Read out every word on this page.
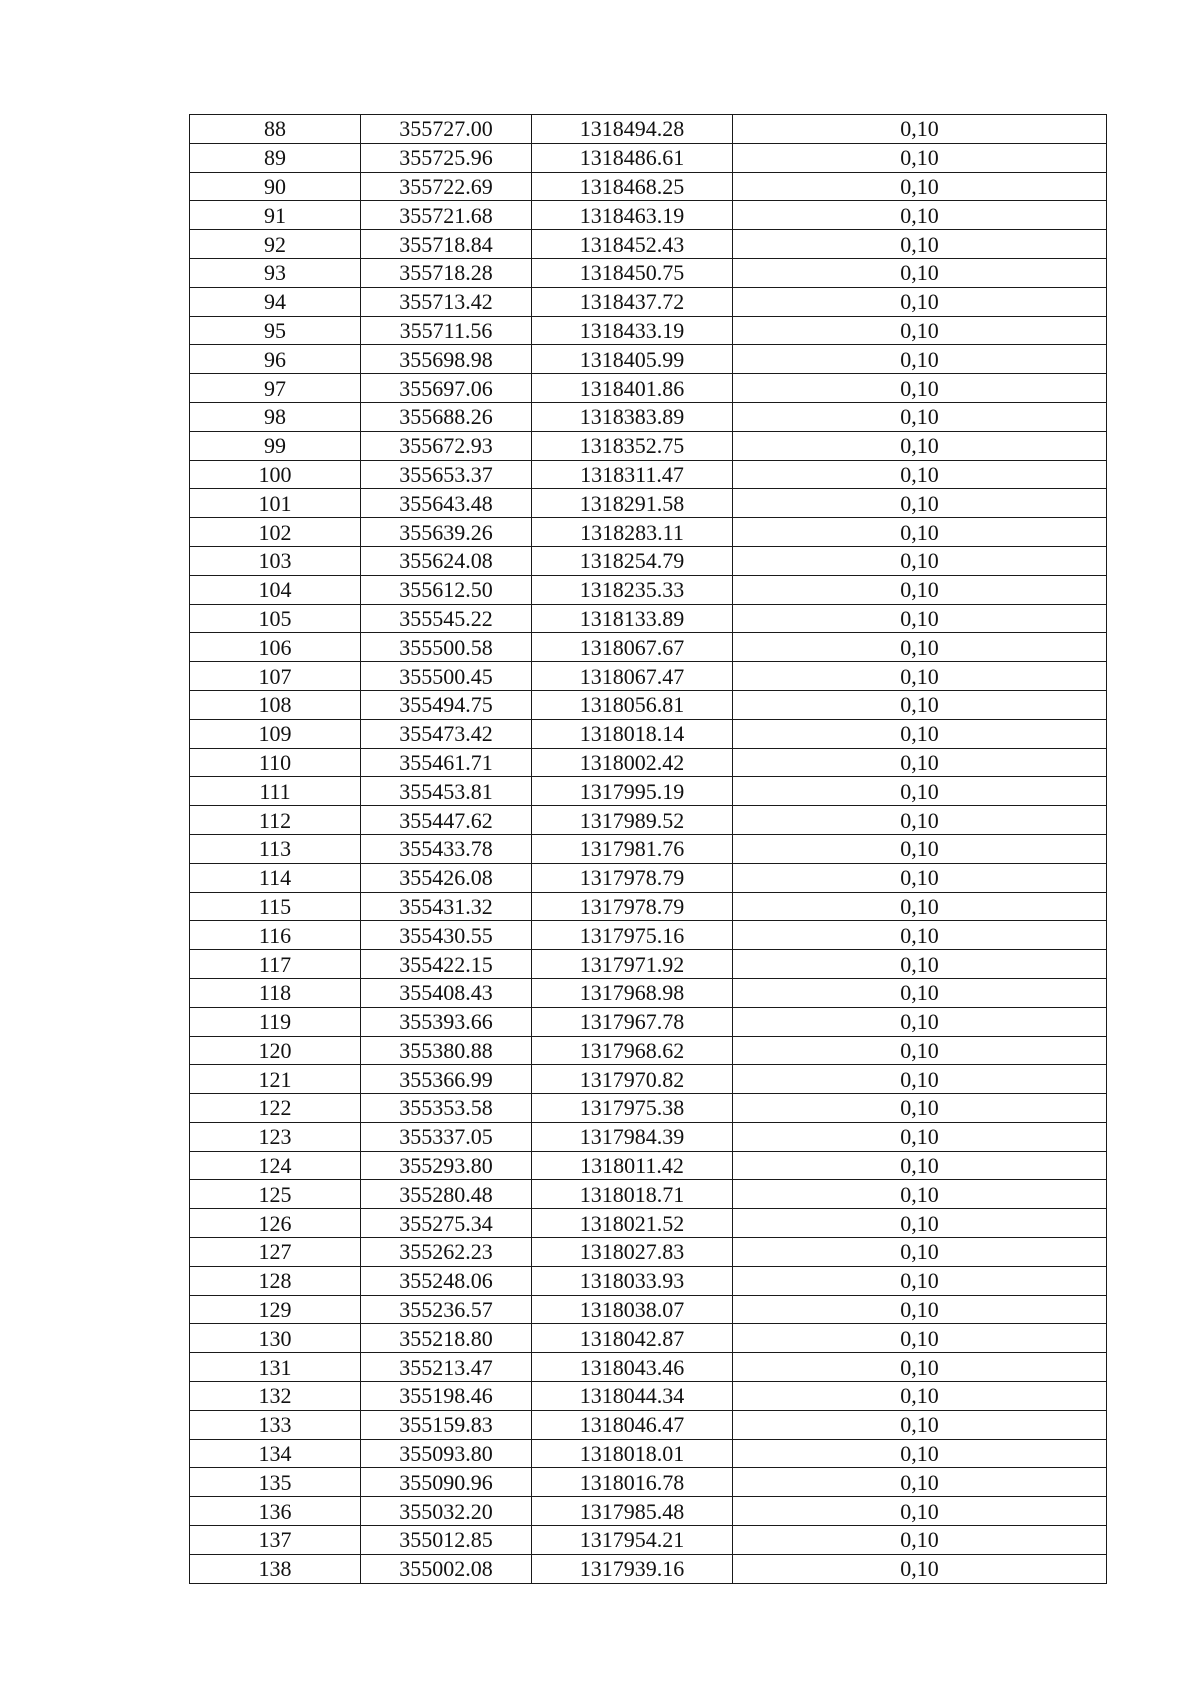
88	355727.00	1318494.28	0,10
89	355725.96	1318486.61	0,10
90	355722.69	1318468.25	0,10
91	355721.68	1318463.19	0,10
92	355718.84	1318452.43	0,10
93	355718.28	1318450.75	0,10
94	355713.42	1318437.72	0,10
95	355711.56	1318433.19	0,10
96	355698.98	1318405.99	0,10
97	355697.06	1318401.86	0,10
98	355688.26	1318383.89	0,10
99	355672.93	1318352.75	0,10
100	355653.37	1318311.47	0,10
101	355643.48	1318291.58	0,10
102	355639.26	1318283.11	0,10
103	355624.08	1318254.79	0,10
104	355612.50	1318235.33	0,10
105	355545.22	1318133.89	0,10
106	355500.58	1318067.67	0,10
107	355500.45	1318067.47	0,10
108	355494.75	1318056.81	0,10
109	355473.42	1318018.14	0,10
110	355461.71	1318002.42	0,10
111	355453.81	1317995.19	0,10
112	355447.62	1317989.52	0,10
113	355433.78	1317981.76	0,10
114	355426.08	1317978.79	0,10
115	355431.32	1317978.79	0,10
116	355430.55	1317975.16	0,10
117	355422.15	1317971.92	0,10
118	355408.43	1317968.98	0,10
119	355393.66	1317967.78	0,10
120	355380.88	1317968.62	0,10
121	355366.99	1317970.82	0,10
122	355353.58	1317975.38	0,10
123	355337.05	1317984.39	0,10
124	355293.80	1318011.42	0,10
125	355280.48	1318018.71	0,10
126	355275.34	1318021.52	0,10
127	355262.23	1318027.83	0,10
128	355248.06	1318033.93	0,10
129	355236.57	1318038.07	0,10
130	355218.80	1318042.87	0,10
131	355213.47	1318043.46	0,10
132	355198.46	1318044.34	0,10
133	355159.83	1318046.47	0,10
134	355093.80	1318018.01	0,10
135	355090.96	1318016.78	0,10
136	355032.20	1317985.48	0,10
137	355012.85	1317954.21	0,10
138	355002.08	1317939.16	0,10
